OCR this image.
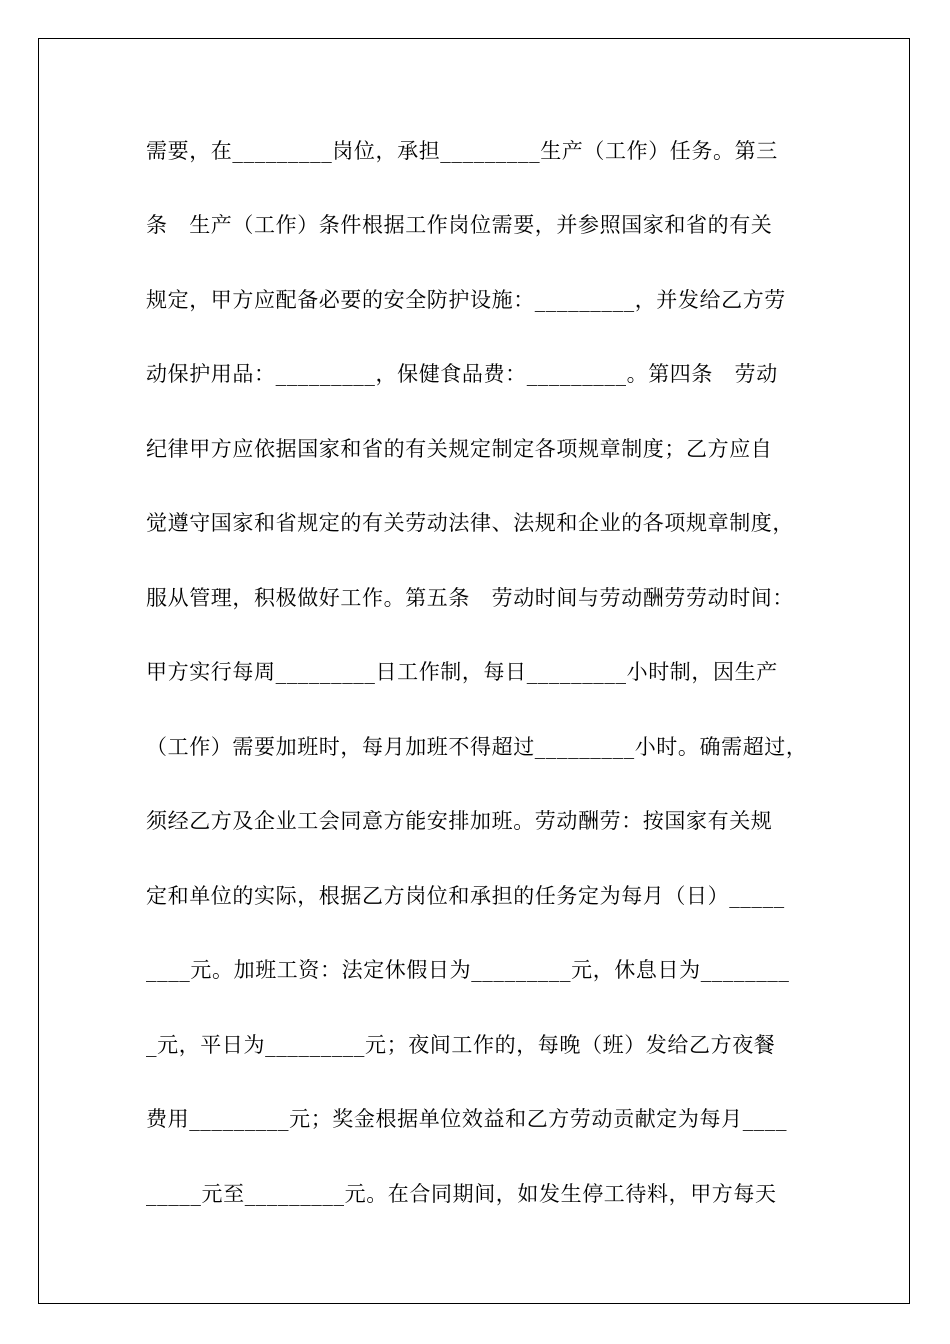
需要，在_________岗位，承担_________生产（工作）任务。第三
条　生产（工作）条件根据工作岗位需要，并参照国家和省的有关
规定，甲方应配备必要的安全防护设施：_________，并发给乙方劳
动保护用品：_________，保健食品费：_________。第四条　劳动
纪律甲方应依据国家和省的有关规定制定各项规章制度；乙方应自
觉遵守国家和省规定的有关劳动法律、法规和企业的各项规章制度，
服从管理，积极做好工作。第五条　劳动时间与劳动酬劳劳动时间：
甲方实行每周_________日工作制，每日_________小时制，因生产
（工作）需要加班时，每月加班不得超过_________小时。确需超过，
须经乙方及企业工会同意方能安排加班。劳动酬劳：按国家有关规
定和单位的实际，根据乙方岗位和承担的任务定为每月（日）_____
____元。加班工资：法定休假日为_________元，休息日为________
_元，平日为_________元；夜间工作的，每晚（班）发给乙方夜餐
费用_________元；奖金根据单位效益和乙方劳动贡献定为每月____
_____元至_________元。在合同期间，如发生停工待料，甲方每天
